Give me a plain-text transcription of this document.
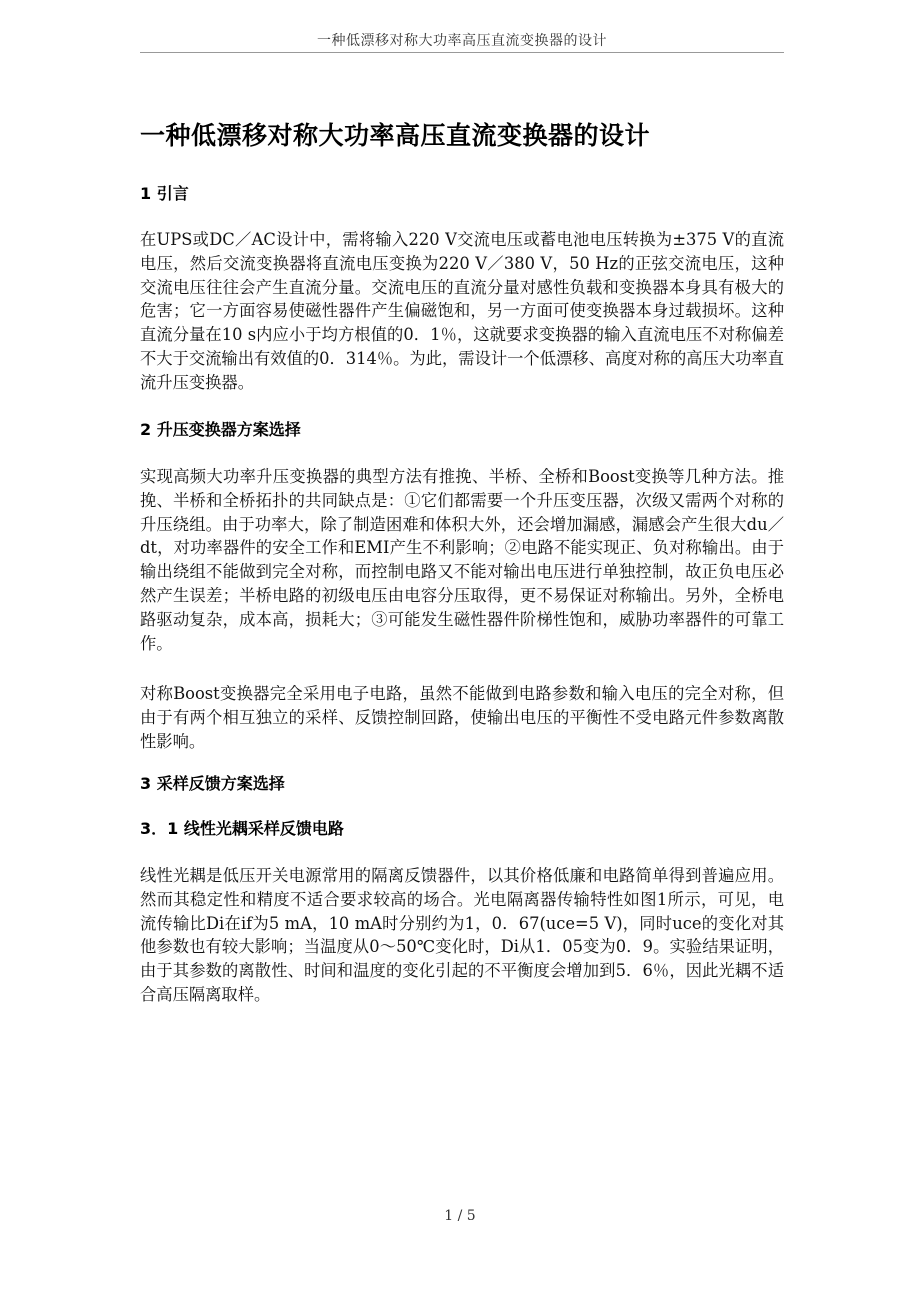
一种低漂移对称大功率高压直流变换器的设计
一种低漂移对称大功率高压直流变换器的设计
1 引言

在UPS或DC／AC设计中，需将输入220 V交流电压或蓄电池电压转换为±375 V的直流电压，然后交流变换器将直流电压变换为220 V／380 V，50 Hz的正弦交流电压，这种交流电压往往会产生直流分量。交流电压的直流分量对感性负载和变换器本身具有极大的危害；它一方面容易使磁性器件产生偏磁饱和，另一方面可使变换器本身过载损坏。这种直流分量在10 s内应小于均方根值的0．1％，这就要求变换器的输入直流电压不对称偏差不大于交流输出有效值的0．314％。为此，需设计一个低漂移、高度对称的高压大功率直流升压变换器。

2 升压变换器方案选择

实现高频大功率升压变换器的典型方法有推挽、半桥、全桥和Boost变换等几种方法。推挽、半桥和全桥拓扑的共同缺点是：①它们都需要一个升压变压器，次级又需两个对称的升压绕组。由于功率大，除了制造困难和体积大外，还会增加漏感，漏感会产生很大du／dt，对功率器件的安全工作和EMI产生不利影响；②电路不能实现正、负对称输出。由于输出绕组不能做到完全对称，而控制电路又不能对输出电压进行单独控制，故正负电压必然产生误差；半桥电路的初级电压由电容分压取得，更不易保证对称输出。另外，全桥电路驱动复杂，成本高，损耗大；③可能发生磁性器件阶梯性饱和，威胁功率器件的可靠工作。

对称Boost变换器完全采用电子电路，虽然不能做到电路参数和输入电压的完全对称，但由于有两个相互独立的采样、反馈控制回路，使输出电压的平衡性不受电路元件参数离散性影响。

3 采样反馈方案选择
3．1 线性光耦采样反馈电路

线性光耦是低压开关电源常用的隔离反馈器件，以其价格低廉和电路简单得到普遍应用。然而其稳定性和精度不适合要求较高的场合。光电隔离器传输特性如图1所示，可见，电流传输比Di在if为5 mA，10 mA时分别约为1，0．67(uce=5 V)，同时uce的变化对其他参数也有较大影响；当温度从0～50℃变化时，Di从1．05变为0．9。实验结果证明，由于其参数的离散性、时间和温度的变化引起的不平衡度会增加到5．6％，因此光耦不适合高压隔离取样。

1 / 5
